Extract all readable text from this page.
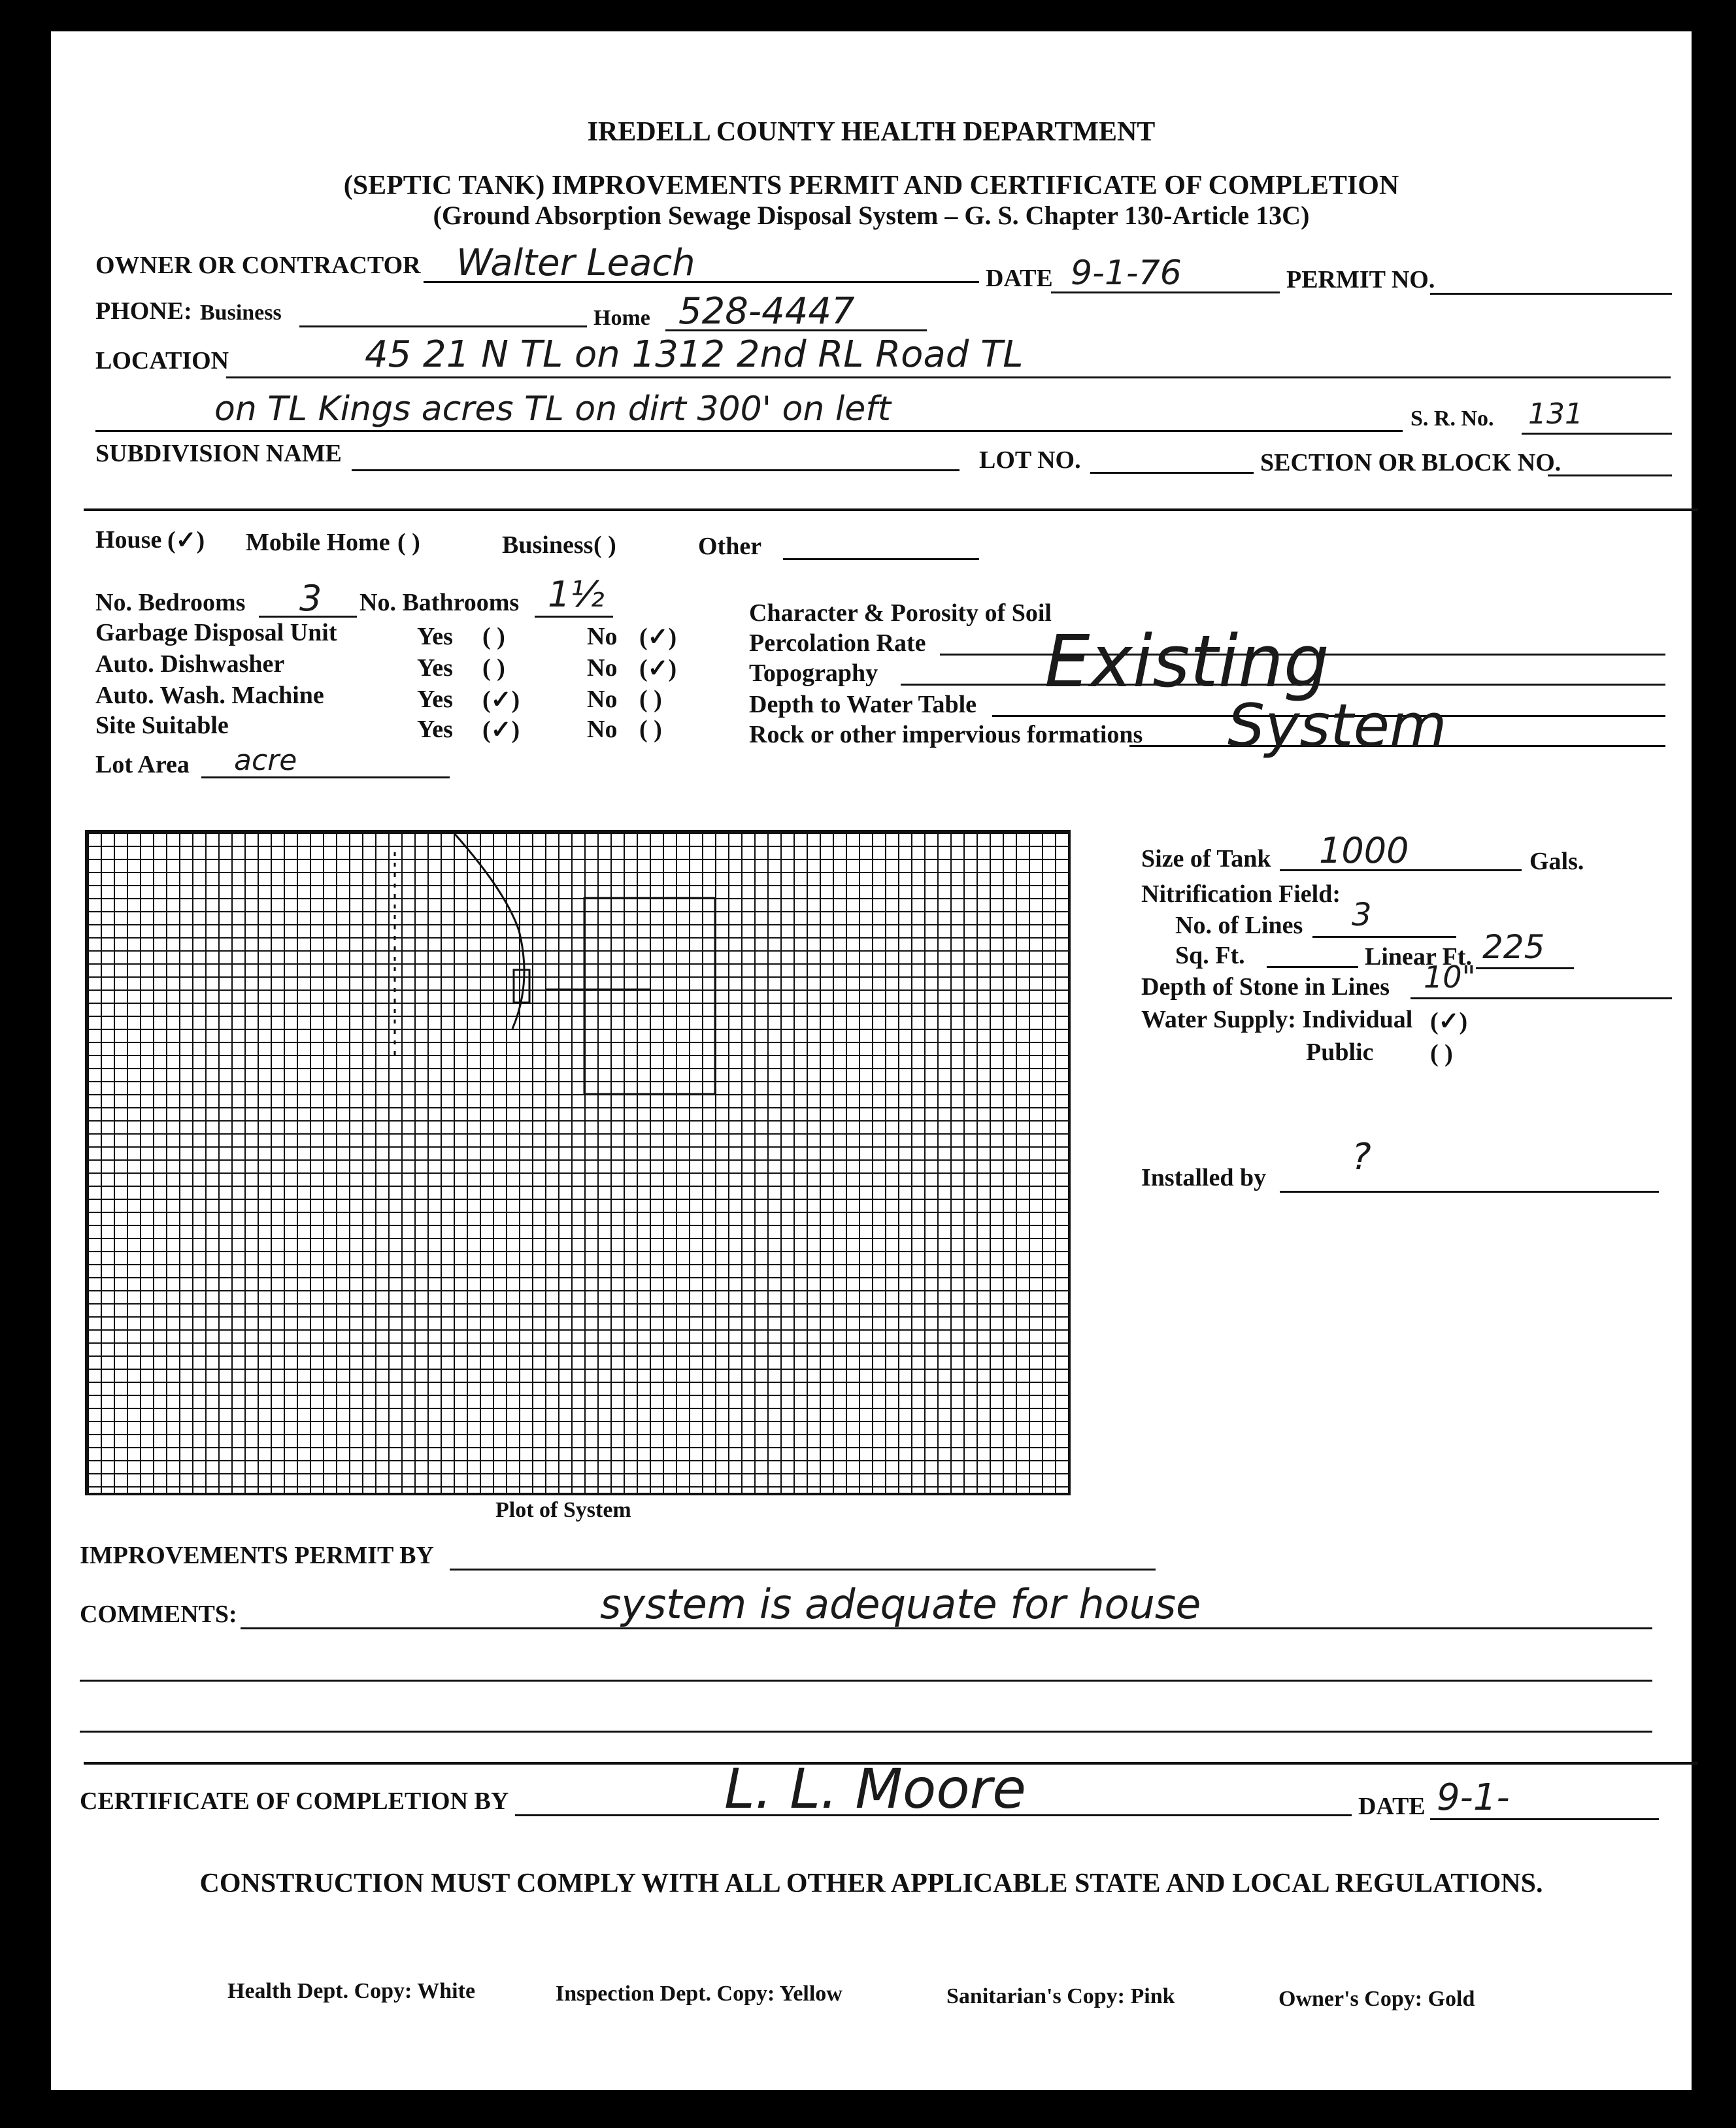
IREDELL COUNTY HEALTH DEPARTMENT
(SEPTIC TANK) IMPROVEMENTS PERMIT AND CERTIFICATE OF COMPLETION
(Ground Absorption Sewage Disposal System – G. S. Chapter 130-Article 13C)
OWNER OR CONTRACTOR Walter Leach	DATE 9-1-76	PERMIT NO.
PHONE: Business	Home 528-4447
LOCATION	45 21 N TL on 1312 2nd RL Road TL
on TL Kings acres TL on dirt 300' on left	S. R. No. 131
SUBDIVISION NAME	LOT NO.	SECTION OR BLOCK NO.
House (✓) Mobile Home ( )	Business ( )	Other
No. Bedrooms 3 No. Bathrooms 1½
Garbage Disposal Unit	Yes ( )	No (✓)
Auto. Dishwasher	Yes ( )	No (✓)
Auto. Wash. Machine	Yes (✓)	No ( )
Site Suitable	Yes (✓)	No ( )
Lot Area acre
Character & Porosity of Soil
Percolation Rate
Topography
Depth to Water Table
Rock or other impervious formations
Existing
System
Plot of System
Size of Tank 1000	Gals.
Nitrification Field:
No. of Lines 3
Sq. Ft.	Linear Ft. 225
Depth of Stone in Lines 10"
Water Supply: Individual (✓)
Public ( )
Installed by ?
IMPROVEMENTS PERMIT BY
COMMENTS:	system is adequate for house
CERTIFICATE OF COMPLETION BY	L. L. Moore	DATE 9-1-
CONSTRUCTION MUST COMPLY WITH ALL OTHER APPLICABLE STATE AND LOCAL REGULATIONS.
Health Dept. Copy: White	Inspection Dept. Copy: Yellow	Sanitarian's Copy: Pink	Owner's Copy: Gold
